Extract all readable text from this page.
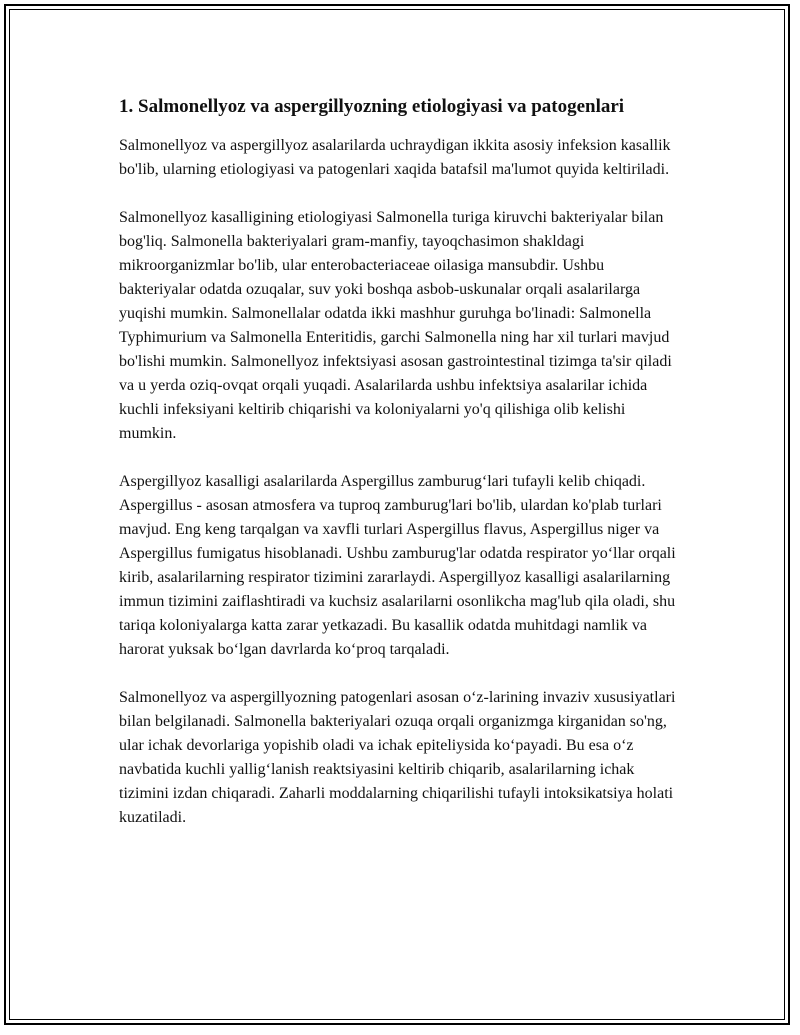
1. Salmonellyoz va aspergillyozning etiologiyasi va patogenlari

Salmonellyoz va aspergillyoz asalarilarda uchraydigan ikkita asosiy infeksion kasallik bo'lib, ularning etiologiyasi va patogenlari xaqida batafsil ma'lumot quyida keltiriladi.

Salmonellyoz kasalligining etiologiyasi Salmonella turiga kiruvchi bakteriyalar bilan bog'liq. Salmonella bakteriyalari gram-manfiy, tayoqchasimon shakldagi mikroorganizmlar bo'lib, ular enterobacteriaceae oilasiga mansubdir. Ushbu bakteriyalar odatda ozuqalar, suv yoki boshqa asbob-uskunalar orqali asalarilarga yuqishi mumkin. Salmonellalar odatda ikki mashhur guruhga bo'linadi: Salmonella Typhimurium va Salmonella Enteritidis, garchi Salmonella ning har xil turlari mavjud bo'lishi mumkin. Salmonellyoz infektsiyasi asosan gastrointestinal tizimga ta'sir qiladi va u yerda oziq-ovqat orqali yuqadi. Asalarilarda ushbu infektsiya asalarilar ichida kuchli infeksiyani keltirib chiqarishi va koloniyalarni yo'q qilishiga olib kelishi mumkin.

Aspergillyoz kasalligi asalarilarda Aspergillus zamburug‘lari tufayli kelib chiqadi. Aspergillus - asosan atmosfera va tuproq zamburug'lari bo'lib, ulardan ko'plab turlari mavjud. Eng keng tarqalgan va xavfli turlari Aspergillus flavus, Aspergillus niger va Aspergillus fumigatus hisoblanadi. Ushbu zamburug'lar odatda respirator yo‘llar orqali kirib, asalarilarning respirator tizimini zararlaydi. Aspergillyoz kasalligi asalarilarning immun tizimini zaiflashtiradi va kuchsiz asalarilarni osonlikcha mag'lub qila oladi, shu tariqa koloniyalarga katta zarar yetkazadi. Bu kasallik odatda muhitdagi namlik va harorat yuksak bo‘lgan davrlarda ko‘proq tarqaladi.

Salmonellyoz va aspergillyozning patogenlari asosan o‘z-larining invaziv xususiyatlari bilan belgilanadi. Salmonella bakteriyalari ozuqa orqali organizmga kirganidan so'ng, ular ichak devorlariga yopishib oladi va ichak epiteliysida ko‘payadi. Bu esa o‘z navbatida kuchli yallig‘lanish reaktsiyasini keltirib chiqarib, asalarilarning ichak tizimini izdan chiqaradi. Zaharli moddalarning chiqarilishi tufayli intoksikatsiya holati kuzatiladi.
